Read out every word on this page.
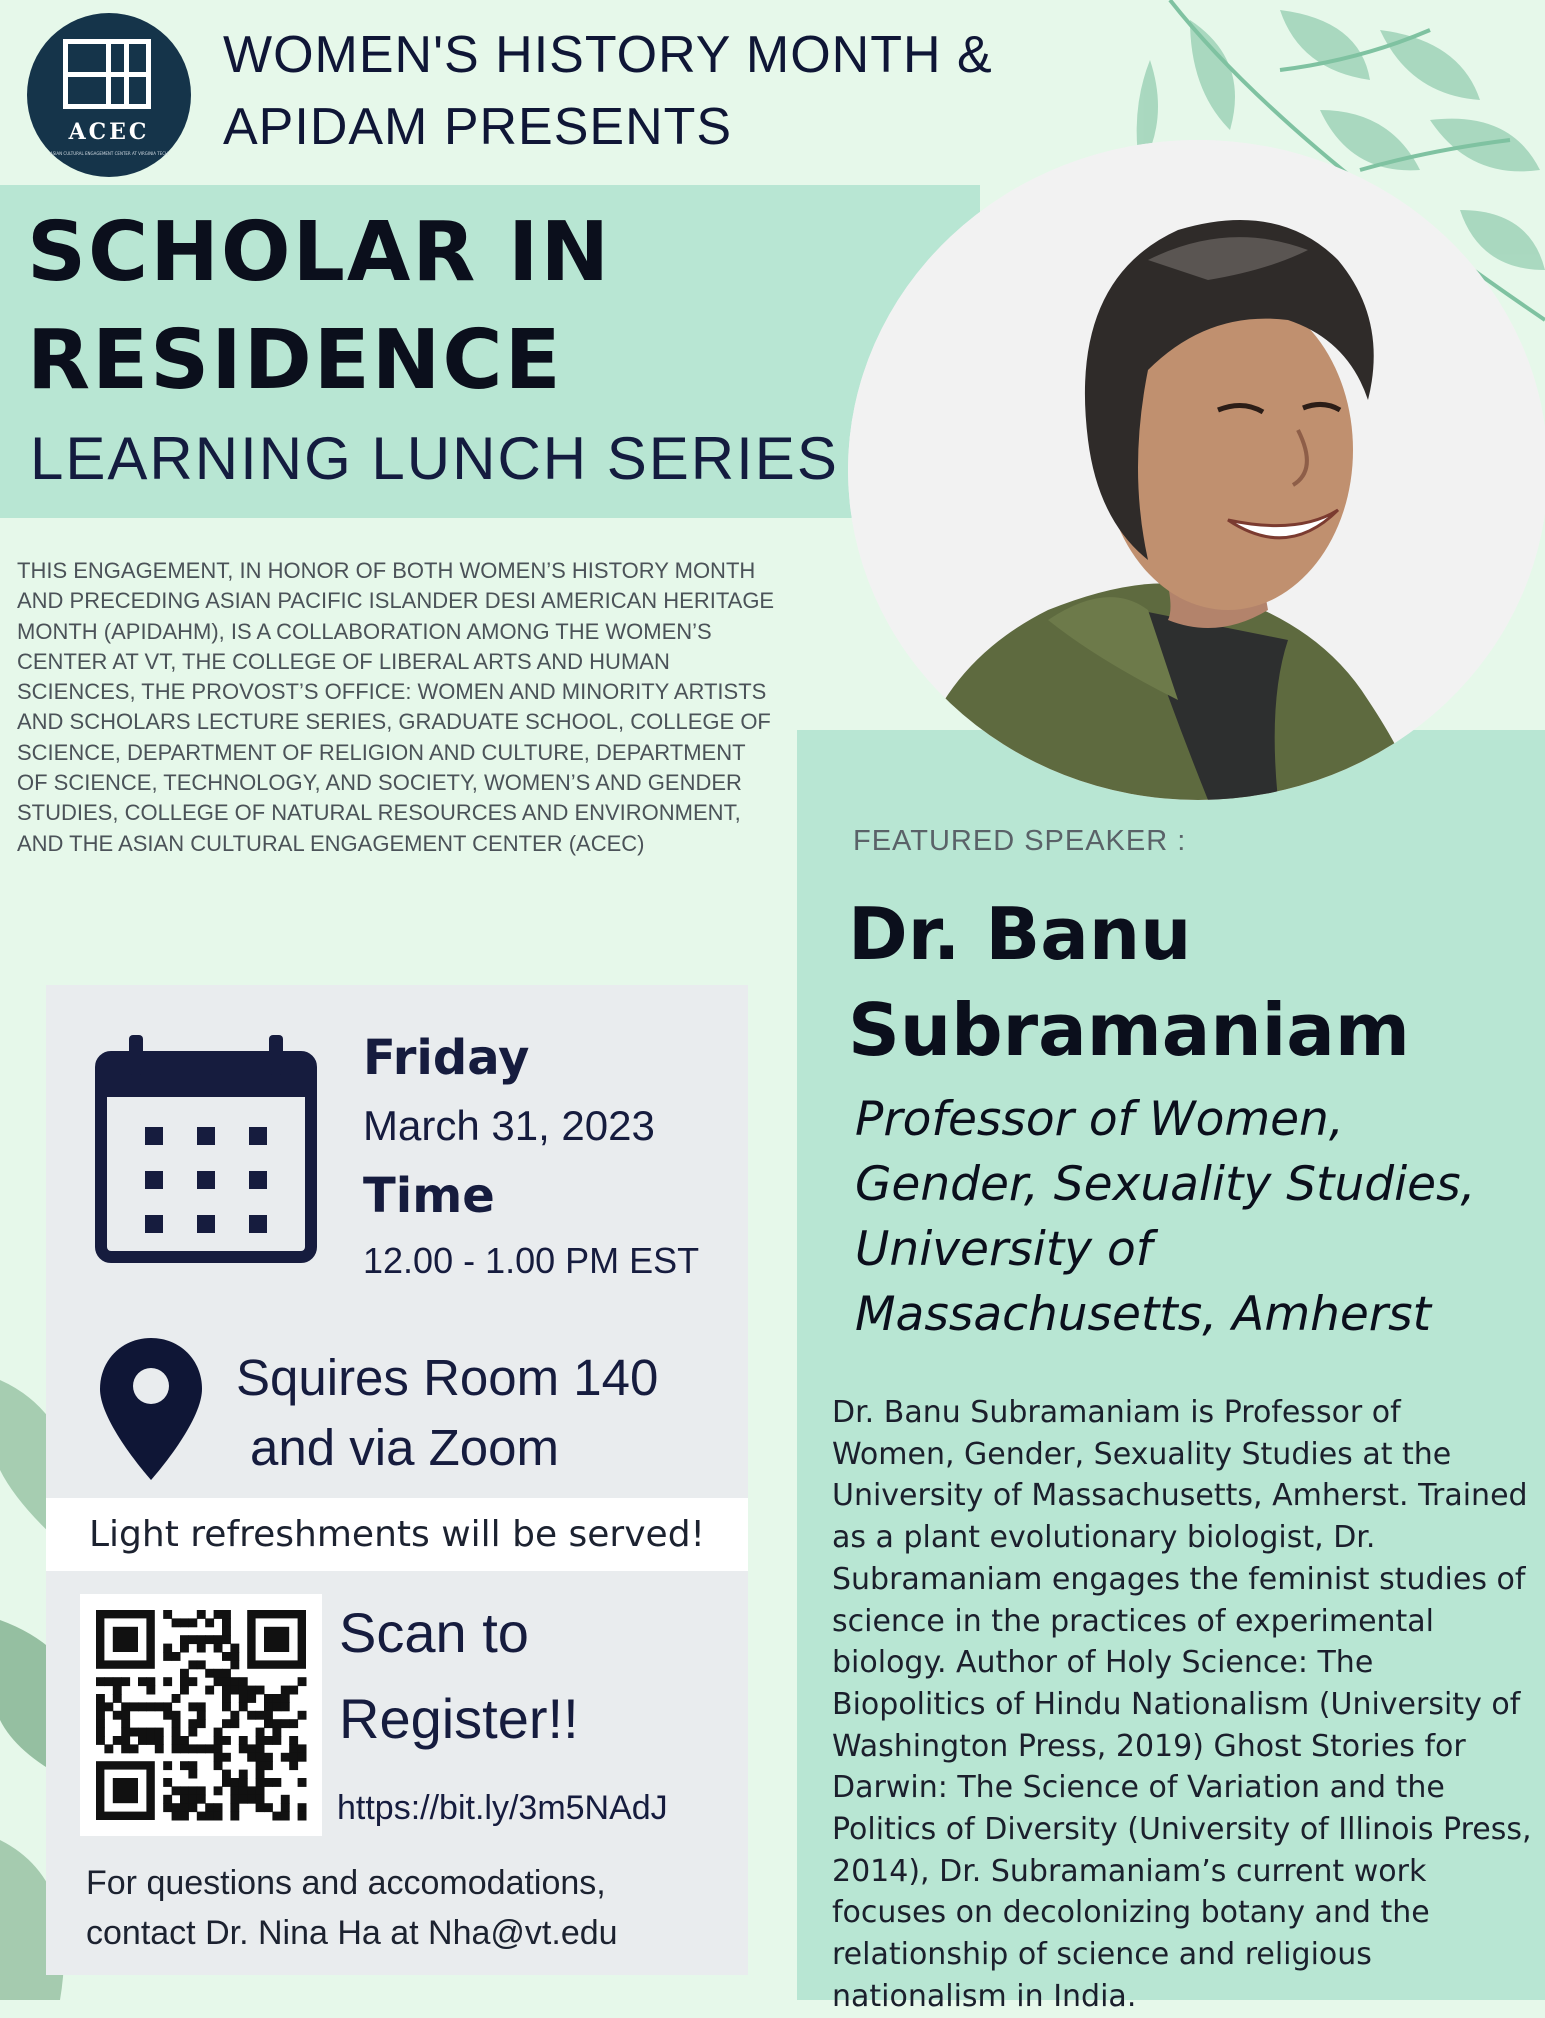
ACEC
ASIAN CULTURAL ENGAGEMENT CENTER AT VIRGINIA TECH
WOMEN'S HISTORY MONTH &
APIDAM PRESENTS
SCHOLAR IN
RESIDENCE
LEARNING LUNCH SERIES
FEATURED SPEAKER :
Dr. Banu
Subramaniam
Professor of Women,
Gender, Sexuality Studies,
University of
Massachusetts, Amherst
Dr. Banu Subramaniam is Professor of Women, Gender, Sexuality Studies at the University of Massachusetts, Amherst. Trained as a plant evolutionary biologist, Dr. Subramaniam engages the feminist studies of science in the practices of experimental biology. Author of Holy Science: The Biopolitics of Hindu Nationalism (University of Washington Press, 2019) Ghost Stories for Darwin: The Science of Variation and the Politics of Diversity (University of Illinois Press, 2014), Dr. Subramaniam’s current work focuses on decolonizing botany and the relationship of science and religious nationalism in India.
THIS ENGAGEMENT, IN HONOR OF BOTH WOMEN’S HISTORY MONTH AND PRECEDING ASIAN PACIFIC ISLANDER DESI AMERICAN HERITAGE MONTH (APIDAHM), IS A COLLABORATION AMONG THE WOMEN’S CENTER AT VT, THE COLLEGE OF LIBERAL ARTS AND HUMAN SCIENCES, THE PROVOST’S OFFICE: WOMEN AND MINORITY ARTISTS AND SCHOLARS LECTURE SERIES, GRADUATE SCHOOL, COLLEGE OF SCIENCE, DEPARTMENT OF RELIGION AND CULTURE, DEPARTMENT OF SCIENCE, TECHNOLOGY, AND SOCIETY, WOMEN’S AND GENDER STUDIES, COLLEGE OF NATURAL RESOURCES AND ENVIRONMENT, AND THE ASIAN CULTURAL ENGAGEMENT CENTER (ACEC)
Friday
March 31, 2023
Time
12.00 - 1.00 PM EST
Squires Room 140
and via Zoom
Light refreshments will be served!
Scan to
Register!!
https://bit.ly/3m5NAdJ
For questions and accomodations,
contact Dr. Nina Ha at Nha@vt.edu
